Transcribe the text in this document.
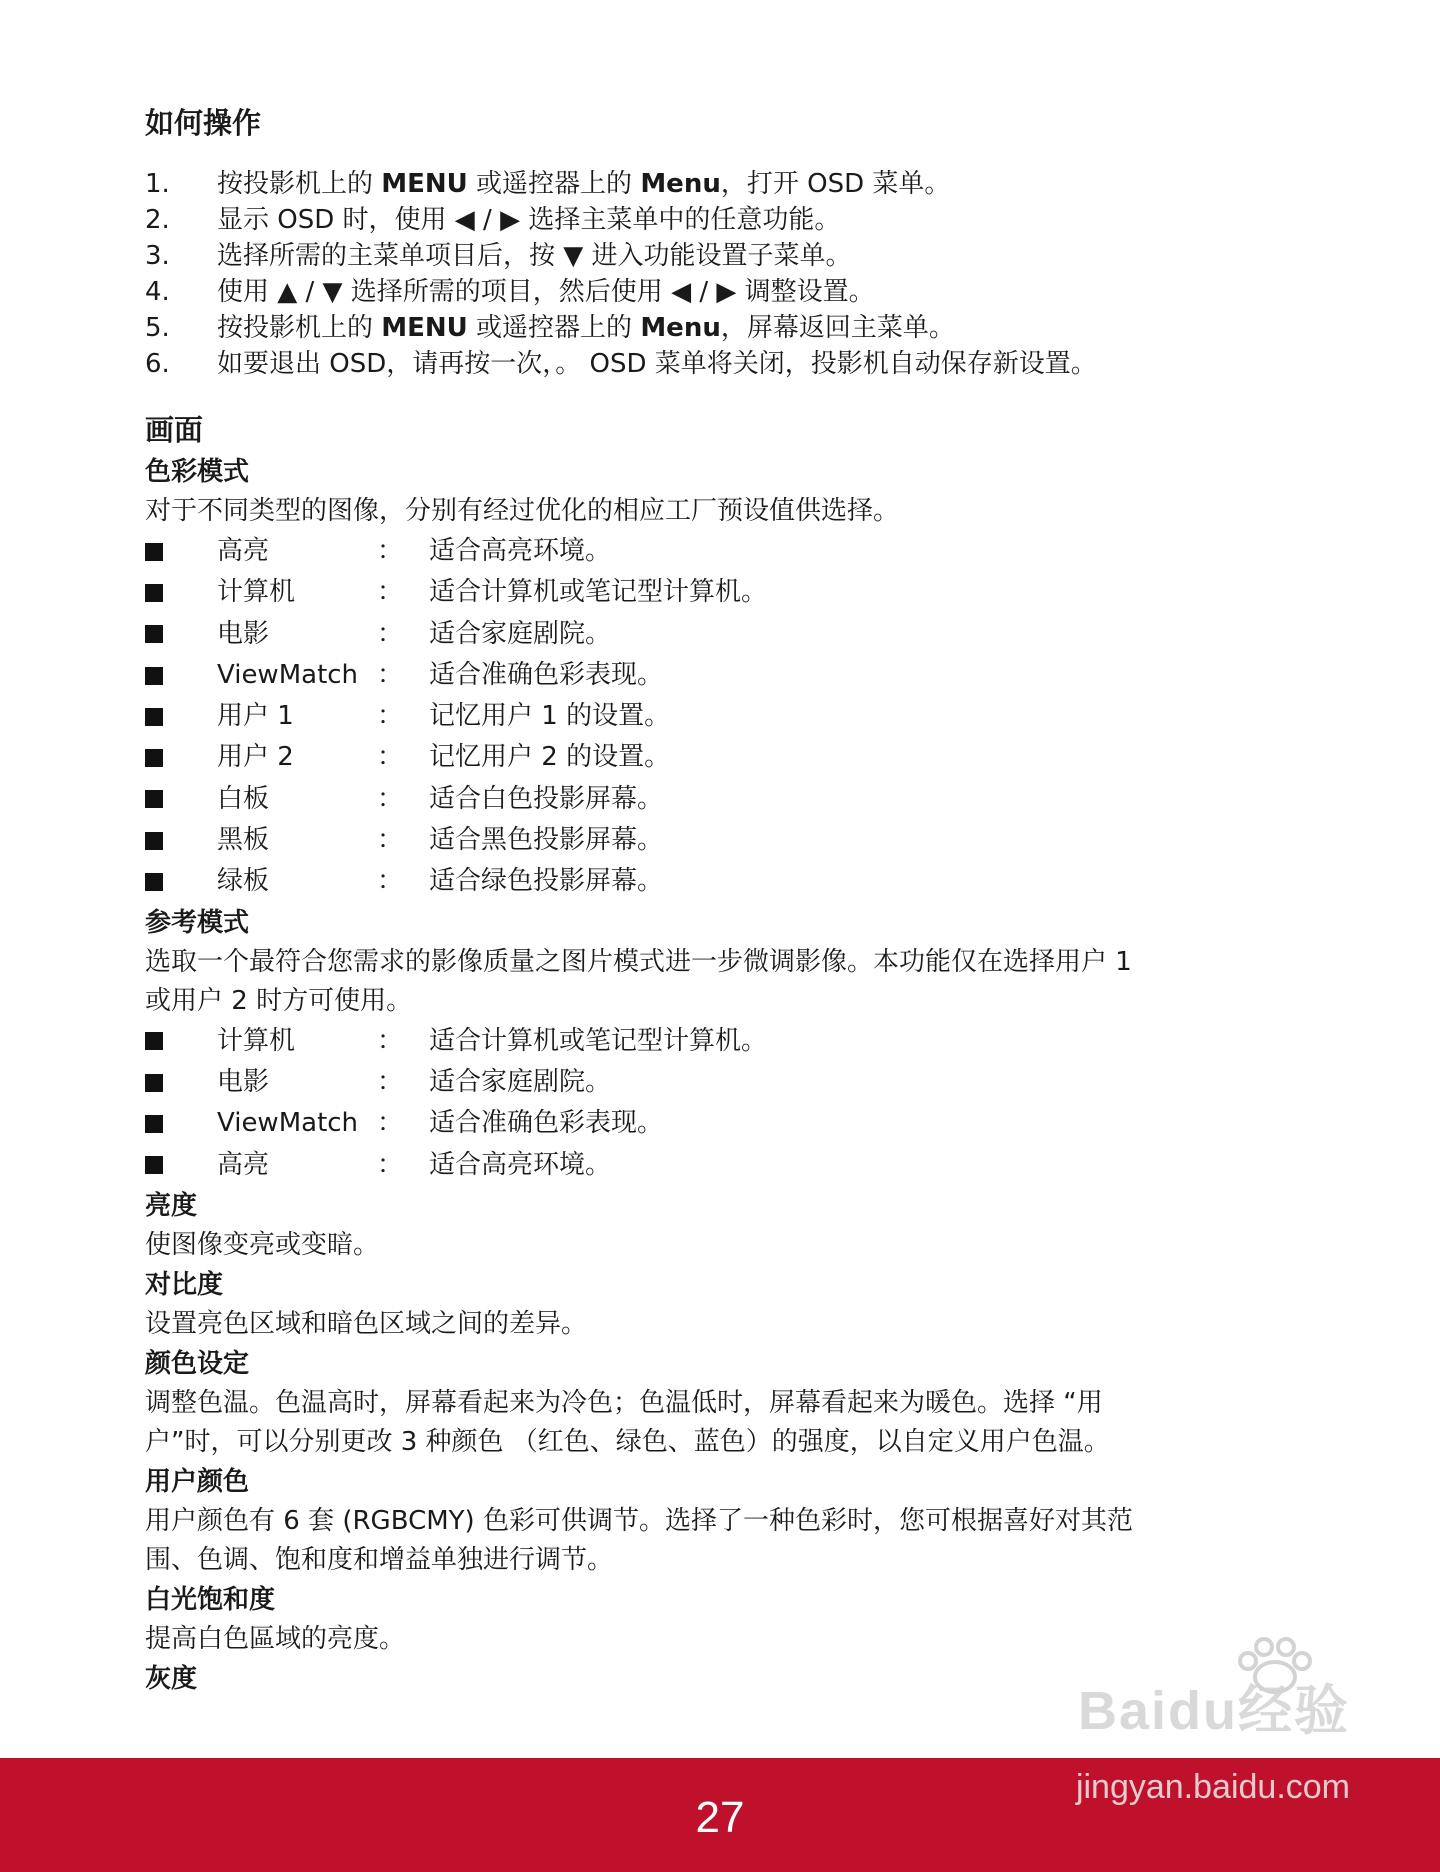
如何操作
1.	按投影机上的 MENU 或遥控器上的 Menu，打开 OSD 菜单。
2.	显示 OSD 时，使用 ◀ / ▶ 选择主菜单中的任意功能。
3.	选择所需的主菜单项目后，按 ▼ 进入功能设置子菜单。
4.	使用 ▲ / ▼ 选择所需的项目，然后使用 ◀ / ▶ 调整设置。
5.	按投影机上的 MENU 或遥控器上的 Menu，屏幕返回主菜单。
6.	如要退出 OSD，请再按一次，。 OSD 菜单将关闭，投影机自动保存新设置。
画面
色彩模式
对于不同类型的图像，分别有经过优化的相应工厂预设值供选择。
高亮	： 适合高亮环境。
计算机	： 适合计算机或笔记型计算机。
电影	： 适合家庭剧院。
ViewMatch ： 适合准确色彩表现。
用户 1	： 记忆用户 1 的设置。
用户 2	： 记忆用户 2 的设置。
白板	： 适合白色投影屏幕。
黑板	： 适合黑色投影屏幕。
绿板	： 适合绿色投影屏幕。
参考模式
选取一个最符合您需求的影像质量之图片模式进一步微调影像。本功能仅在选择用户 1
或用户 2 时方可使用。
计算机	： 适合计算机或笔记型计算机。
电影	： 适合家庭剧院。
ViewMatch ： 适合准确色彩表现。
高亮	： 适合高亮环境。
亮度
使图像变亮或变暗。
对比度
设置亮色区域和暗色区域之间的差异。
颜色设定
调整色温。色温高时，屏幕看起来为冷色；色温低时，屏幕看起来为暖色。选择 “用
户”时，可以分别更改 3 种颜色 （红色、绿色、蓝色）的强度，以自定义用户色温。
用户颜色
用户颜色有 6 套 (RGBCMY) 色彩可供调节。选择了一种色彩时，您可根据喜好对其范
围、色调、饱和度和增益单独进行调节。
白光饱和度
提高白色區域的亮度。
灰度
Baidu经验
27
jingyan.baidu.com
